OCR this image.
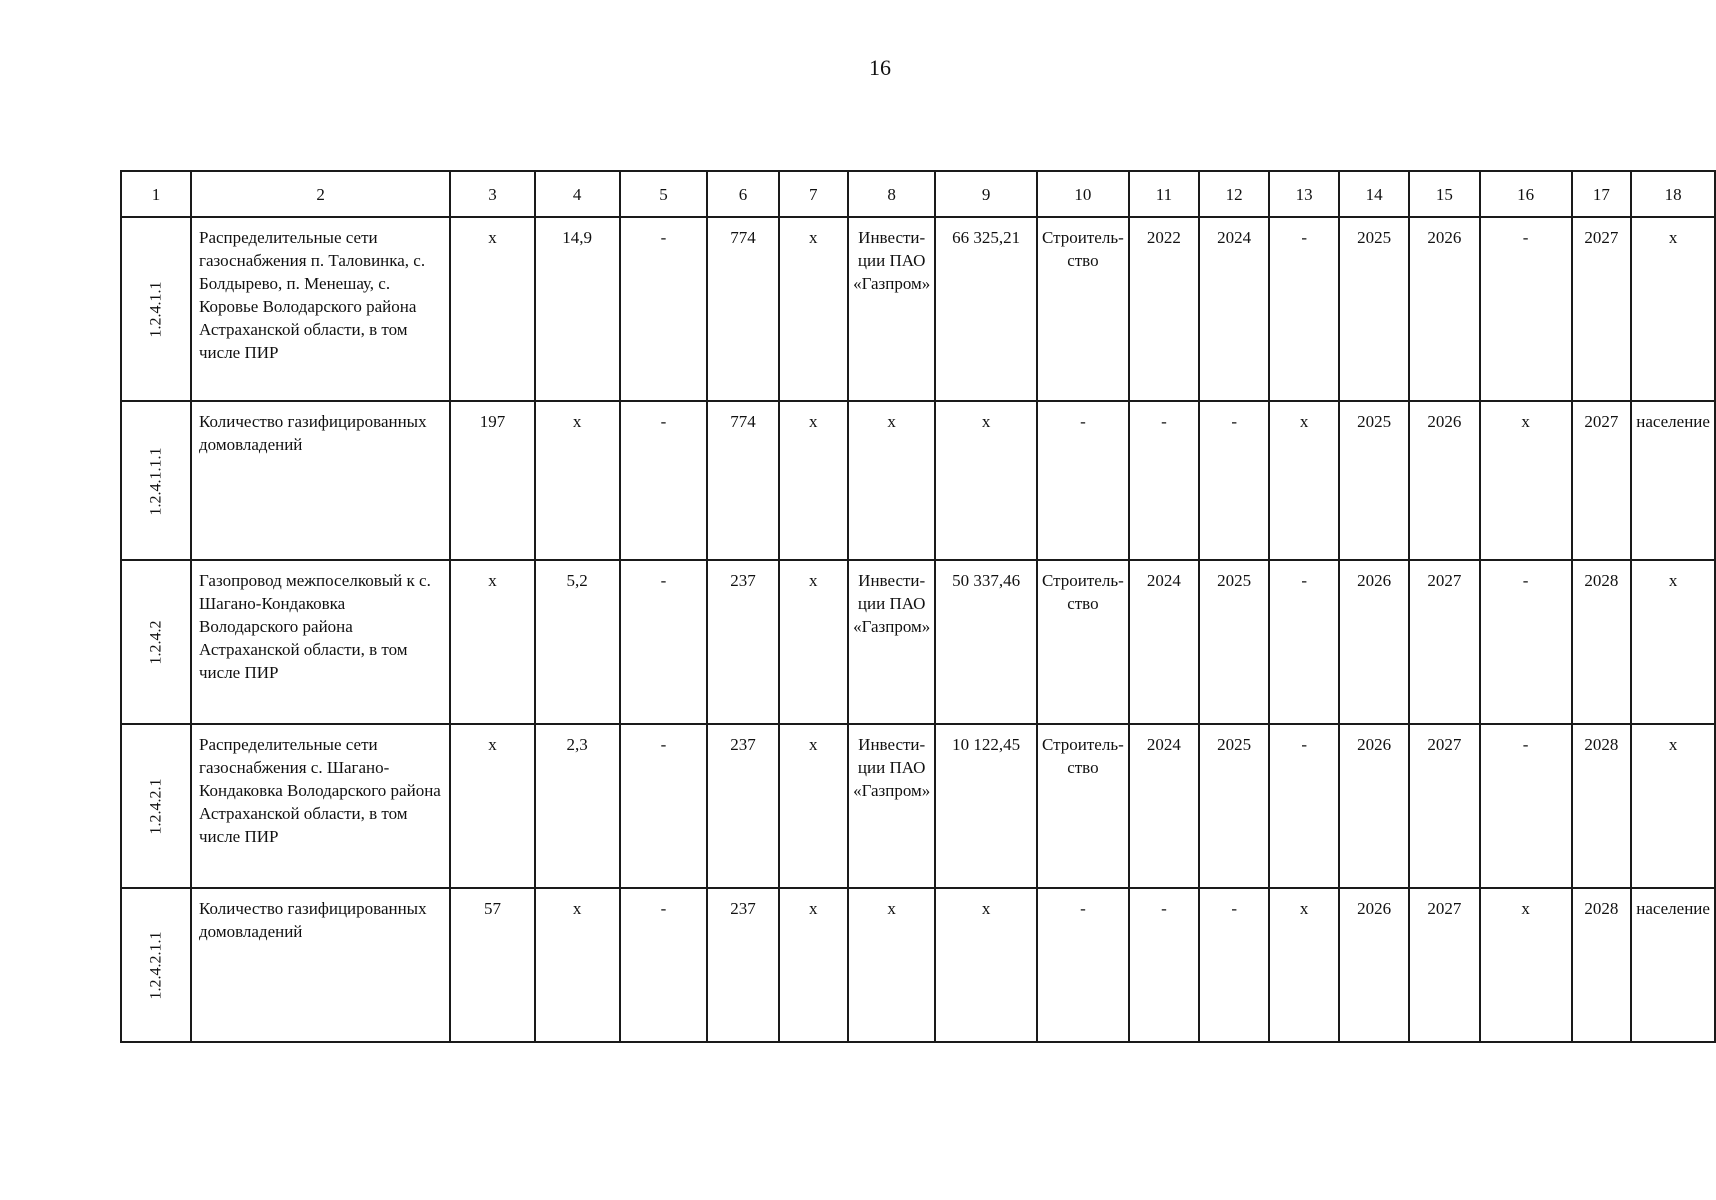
16
1	2	3	4	5	6	7	8	9	10	11	12	13	14	15	16	17	18
1.2.4.1.1	Распределительные сети газоснабжения п. Таловинка, с. Болдырево, п. Менешау, с. Коровье Володарского района Астраханской области, в том числе ПИР	х	14,9	-	774	х	Инвести-ции ПАО «Газпром»	66 325,21	Строитель-ство	2022	2024	-	2025	2026	-	2027	х
1.2.4.1.1.1	Количество газифицированных домовладений	197	х	-	774	х	х	х	-	-	-	х	2025	2026	х	2027	население
1.2.4.2	Газопровод межпоселковый к с. Шагано-Кондаковка Володарского района Астраханской области, в том числе ПИР	х	5,2	-	237	х	Инвести-ции ПАО «Газпром»	50 337,46	Строитель-ство	2024	2025	-	2026	2027	-	2028	х
1.2.4.2.1	Распределительные сети газоснабжения с. Шагано-Кондаковка Володарского района Астраханской области, в том числе ПИР	х	2,3	-	237	х	Инвести-ции ПАО «Газпром»	10 122,45	Строитель-ство	2024	2025	-	2026	2027	-	2028	х
1.2.4.2.1.1	Количество газифицированных домовладений	57	х	-	237	х	х	х	-	-	-	х	2026	2027	х	2028	население
